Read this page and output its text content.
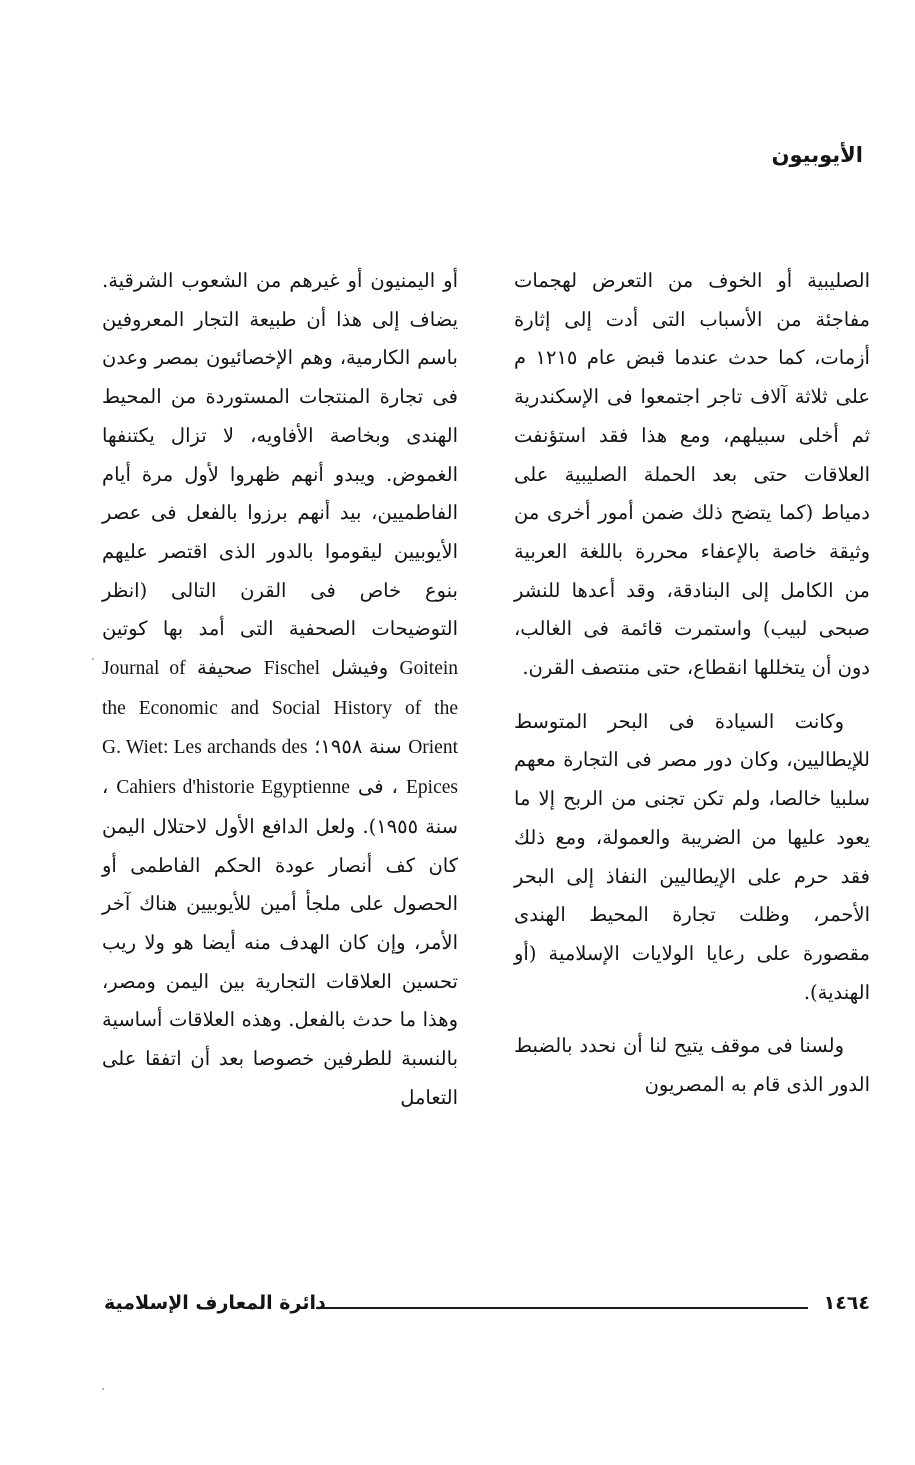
الأيوبيون

الصليبية أو الخوف من التعرض لهجمات مفاجئة من الأسباب التى أدت إلى إثارة أزمات، كما حدث عندما قبض عام ١٢١٥ م على ثلاثة آلاف تاجر اجتمعوا فى الإسكندرية ثم أخلى سبيلهم، ومع هذا فقد استؤنفت العلاقات حتى بعد الحملة الصليبية على دمياط (كما يتضح ذلك ضمن أمور أخرى من وثيقة خاصة بالإعفاء محررة باللغة العربية من الكامل إلى البنادقة، وقد أعدها للنشر صبحى لبيب) واستمرت قائمة فى الغالب، دون أن يتخللها انقطاع، حتى منتصف القرن.

وكانت السيادة فى البحر المتوسط للإيطاليين، وكان دور مصر فى التجارة معهم سلبيا خالصا، ولم تكن تجنى من الربح إلا ما يعود عليها من الضريبة والعمولة، ومع ذلك فقد حرم على الإيطاليين النفاذ إلى البحر الأحمر، وظلت تجارة المحيط الهندى مقصورة على رعايا الولايات الإسلامية (أو الهندية).

ولسنا فى موقف يتيح لنا أن نحدد بالضبط الدور الذى قام به المصريون

أو اليمنيون أو غيرهم من الشعوب الشرقية. يضاف إلى هذا أن طبيعة التجار المعروفين باسم الكارمية، وهم الإخصائيون بمصر وعدن فى تجارة المنتجات المستوردة من المحيط الهندى وبخاصة الأفاويه، لا تزال يكتنفها الغموض. ويبدو أنهم ظهروا لأول مرة أيام الفاطميين، بيد أنهم برزوا بالفعل فى عصر الأيوبيين ليقوموا بالدور الذى اقتصر عليهم بنوع خاص فى القرن التالى (انظر التوضيحات الصحفية التى أمد بها كوتين Goitein وفيشل Fischel صحيفة Journal of the Economic and Social History of the Orient سنة ١٩٥٨؛ G. Wiet: Les archands des Epices ، فى Cahiers d'historie Egyptienne ، سنة ١٩٥٥). ولعل الدافع الأول لاحتلال اليمن كان كف أنصار عودة الحكم الفاطمى أو الحصول على ملجأ أمين للأيوبيين هناك آخر الأمر، وإن كان الهدف منه أيضا هو ولا ريب تحسين العلاقات التجارية بين اليمن ومصر، وهذا ما حدث بالفعل. وهذه العلاقات أساسية بالنسبة للطرفين خصوصا بعد أن اتفقا على التعامل

دائرة المعارف الإسلامية	١٤٦٤
